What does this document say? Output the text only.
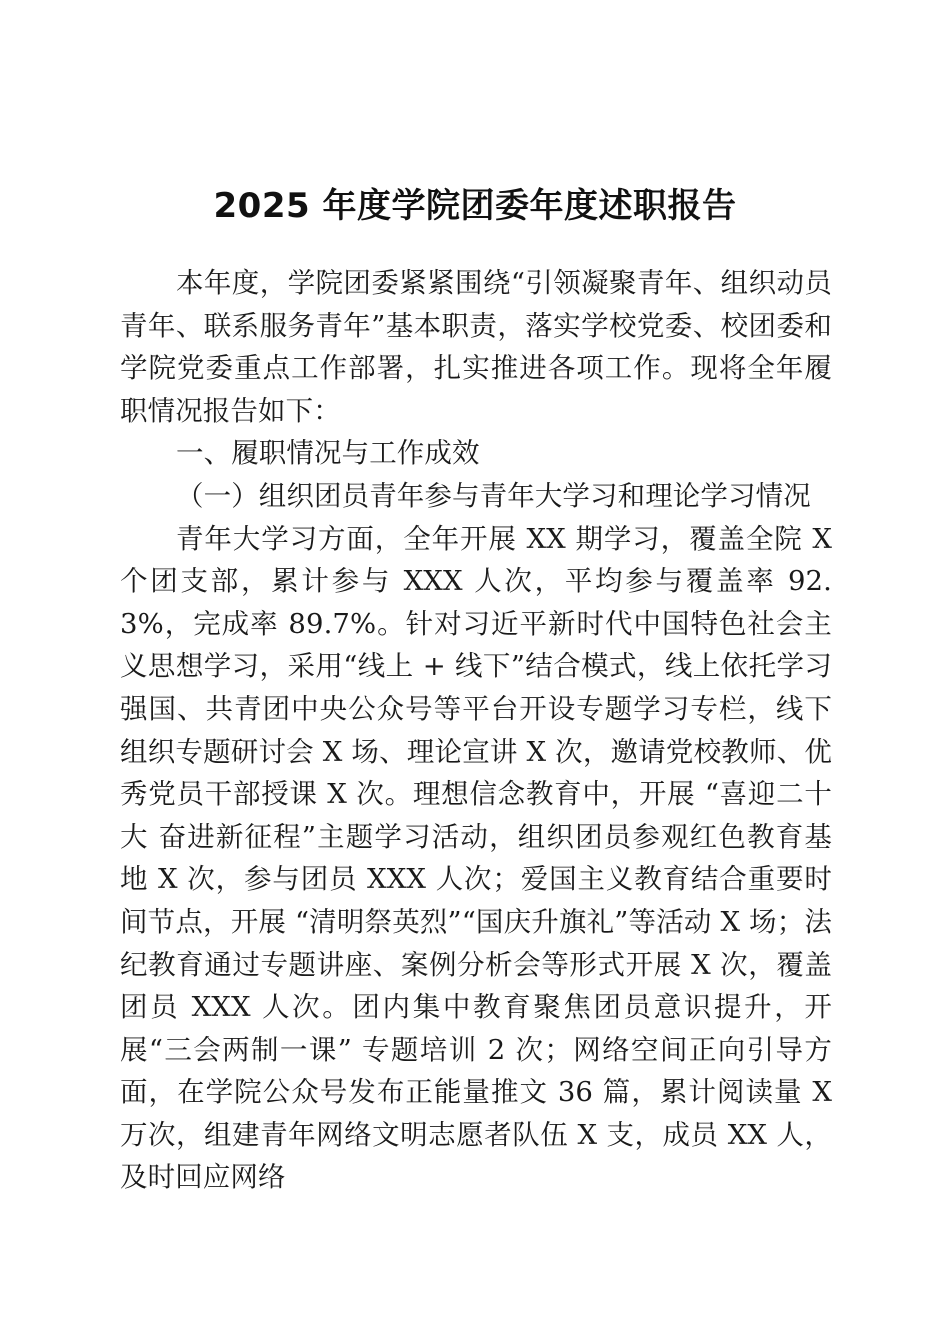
2025 年度学院团委年度述职报告

本年度，学院团委紧紧围绕“引领凝聚青年、组织动员青年、联系服务青年”基本职责，落实学校党委、校团委和学院党委重点工作部署，扎实推进各项工作。现将全年履职情况报告如下：

一、履职情况与工作成效

（一）组织团员青年参与青年大学习和理论学习情况

青年大学习方面，全年开展 XX 期学习，覆盖全院 X 个团支部，累计参与 XXX 人次，平均参与覆盖率 92.3%，完成率 89.7%。针对习近平新时代中国特色社会主义思想学习，采用“线上 + 线下”结合模式，线上依托学习强国、共青团中央公众号等平台开设专题学习专栏，线下组织专题研讨会 X 场、理论宣讲 X 次，邀请党校教师、优秀党员干部授课 X 次。理想信念教育中，开展 “喜迎二十大 奋进新征程”主题学习活动，组织团员参观红色教育基地 X 次，参与团员 XXX 人次；爱国主义教育结合重要时间节点，开展 “清明祭英烈”“国庆升旗礼”等活动 X 场；法纪教育通过专题讲座、案例分析会等形式开展 X 次，覆盖团员 XXX 人次。团内集中教育聚焦团员意识提升，开展“三会两制一课” 专题培训 2 次；网络空间正向引导方面，在学院公众号发布正能量推文 36 篇，累计阅读量 X 万次，组建青年网络文明志愿者队伍 X 支，成员 XX 人，及时回应网络
